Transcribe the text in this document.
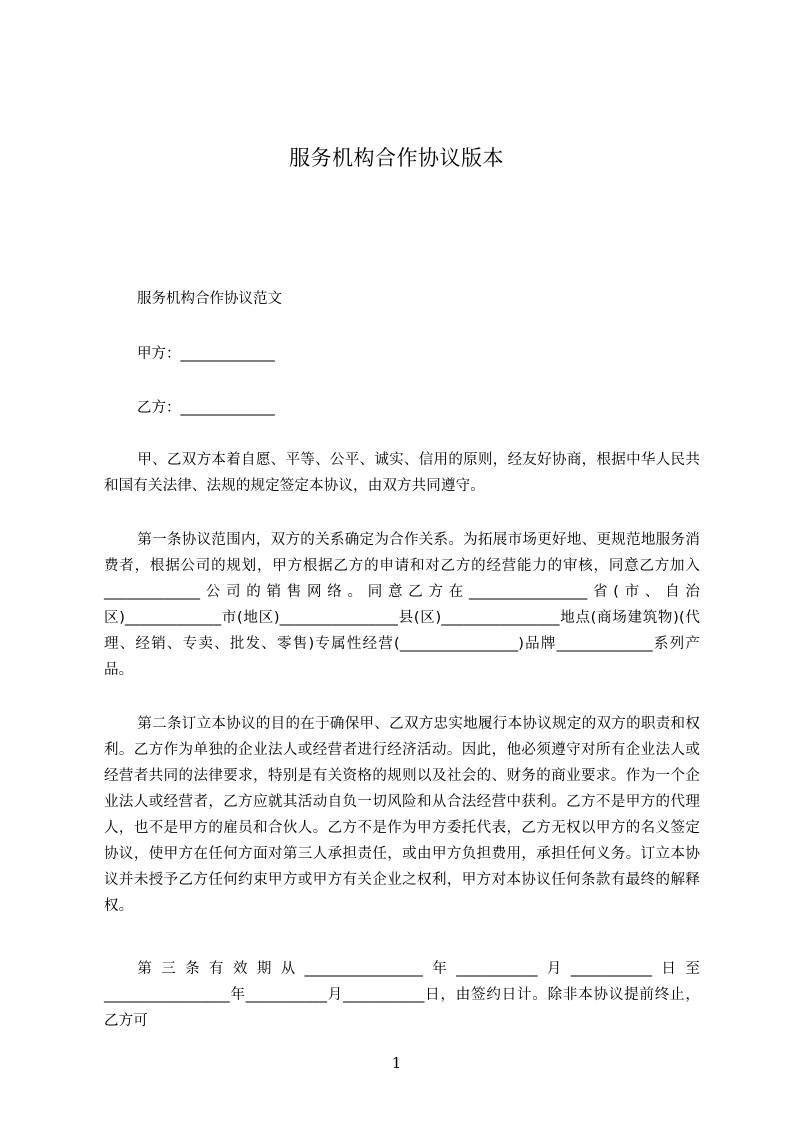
服务机构合作协议版本
服务机构合作协议范文
甲方：_____________
乙方：_____________
甲、乙双方本着自愿、平等、公平、诚实、信用的原则，经友好协商，根据中华人民共和国有关法律、法规的规定签定本协议，由双方共同遵守。
第一条协议范围内，双方的关系确定为合作关系。为拓展市场更好地、更规范地服务消费者，根据公司的规划，甲方根据乙方的申请和对乙方的经营能力的审核，同意乙方加入_____________公司的销售网络。同意乙方在________________省(市、自治区)_____________市(地区)________________县(区)________________地点(商场建筑物)(代理、经销、专卖、批发、零售)专属性经营(________________)品牌_____________系列产品。
第二条订立本协议的目的在于确保甲、乙双方忠实地履行本协议规定的双方的职责和权利。乙方作为单独的企业法人或经营者进行经济活动。因此，他必须遵守对所有企业法人或经营者共同的法律要求，特别是有关资格的规则以及社会的、财务的商业要求。作为一个企业法人或经营者，乙方应就其活动自负一切风险和从合法经营中获利。乙方不是甲方的代理人，也不是甲方的雇员和合伙人。乙方不是作为甲方委托代表，乙方无权以甲方的名义签定协议，使甲方在任何方面对第三人承担责任，或由甲方负担费用，承担任何义务。订立本协议并未授予乙方任何约束甲方或甲方有关企业之权利，甲方对本协议任何条款有最终的解释权。
第三条有效期从________________年___________月___________日至_________________年___________月___________日，由签约日计。除非本协议提前终止，乙方可
1
